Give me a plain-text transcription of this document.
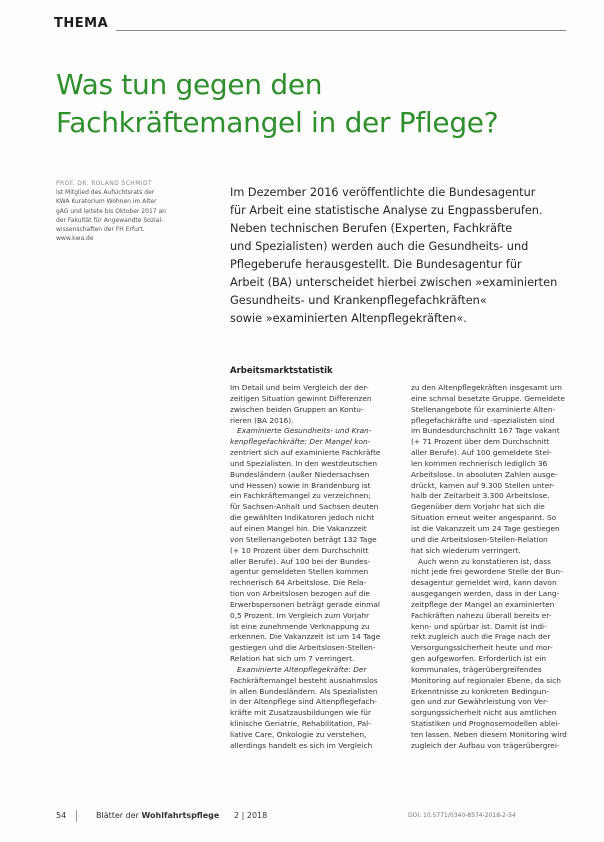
THEMA
Was tun gegen den Fachkräftemangel in der Pflege?
PROF. DR. ROLAND SCHMIDT
ist Mitglied des Aufsichtsrats der
KWA Kuratorium Wohnen im Alter
gAG und leitete bis Oktober 2017 an
der Fakultät für Angewandte Sozial-
wissenschaften der FH Erfurt.
www.kwa.de

Im Dezember 2016 veröffentlichte die Bundesagentur
für Arbeit eine statistische Analyse zu Engpassberufen.
Neben technischen Berufen (Experten, Fachkräfte
und Spezialisten) werden auch die Gesundheits- und
Pflegeberufe herausgestellt. Die Bundesagentur für
Arbeit (BA) unterscheidet hierbei zwischen »examinierten
Gesundheits- und Krankenpflegefachkräften«
sowie »examinierten Altenpflegekräften«.

Arbeitsmarktstatistik
Im Detail und beim Vergleich der der-
zeitigen Situation gewinnt Differenzen
zwischen beiden Gruppen an Kontu-
rieren (BA 2016).
Examinierte Gesundheits- und Kran-
kenpflegefachkräfte: Der Mangel kon-
zentriert sich auf examinierte Fachkräfte
und Spezialisten. In den westdeutschen
Bundesländern (außer Niedersachsen
und Hessen) sowie in Brandenburg ist
ein Fachkräftemangel zu verzeichnen;
für Sachsen-Anhalt und Sachsen deuten
die gewählten Indikatoren jedoch nicht
auf einen Mangel hin. Die Vakanzzeit
von Stellenangeboten beträgt 132 Tage
(+ 10 Prozent über dem Durchschnitt
aller Berufe). Auf 100 bei der Bundes-
agentur gemeldeten Stellen kommen
rechnerisch 64 Arbeitslose. Die Rela-
tion von Arbeitslosen bezogen auf die
Erwerbspersonen beträgt gerade einmal
0,5 Prozent. Im Vergleich zum Vorjahr
ist eine zunehmende Verknappung zu
erkennen. Die Vakanzzeit ist um 14 Tage
gestiegen und die Arbeitslosen-Stellen-
Relation hat sich um 7 verringert.
Examinierte Altenpflegekräfte: Der
Fachkräftemangel besteht ausnahmslos
in allen Bundesländern. Als Spezialisten
in der Altenpflege sind Altenpflegefach-
kräfte mit Zusatzausbildungen wie für
klinische Geriatrie, Rehabilitation, Pal-
liative Care, Onkologie zu verstehen,
allerdings handelt es sich im Vergleich
zu den Altenpflegekräften insgesamt um
eine schmal besetzte Gruppe. Gemeldete
Stellenangebote für examinierte Alten-
pflegefachkräfte und -spezialisten sind
im Bundesdurchschnitt 167 Tage vakant
(+ 71 Prozent über dem Durchschnitt
aller Berufe). Auf 100 gemeldete Stel-
len kommen rechnerisch lediglich 36
Arbeitslose. In absoluten Zahlen ausge-
drückt, kamen auf 9.300 Stellen unter-
halb der Zeitarbeit 3.300 Arbeitslose.
Gegenüber dem Vorjahr hat sich die
Situation erneut weiter angespannt. So
ist die Vakanzzeit um 24 Tage gestiegen
und die Arbeitslosen-Stellen-Relation
hat sich wiederum verringert.
Auch wenn zu konstatieren ist, dass
nicht jede frei gewordene Stelle der Bun-
desagentur gemeldet wird, kann davon
ausgegangen werden, dass in der Lang-
zeitpflege der Mangel an examinierten
Fachkräften nahezu überall bereits er-
kenn- und spürbar ist. Damit ist indi-
rekt zugleich auch die Frage nach der
Versorgungssicherheit heute und mor-
gen aufgeworfen. Erforderlich ist ein
kommunales, trägerübergreifendes
Monitoring auf regionaler Ebene, da sich
Erkenntnisse zu konkreten Bedingun-
gen und zur Gewährleistung von Ver-
sorgungssicherheit nicht aus amtlichen
Statistiken und Prognosemodellen ablei-
ten lassen. Neben diesem Monitoring wird
zugleich der Aufbau von trägerübergrei-
54	Blätter der Wohlfahrtspflege 2 | 2018	DOI: 10.5771/0340-8574-2018-2-54
